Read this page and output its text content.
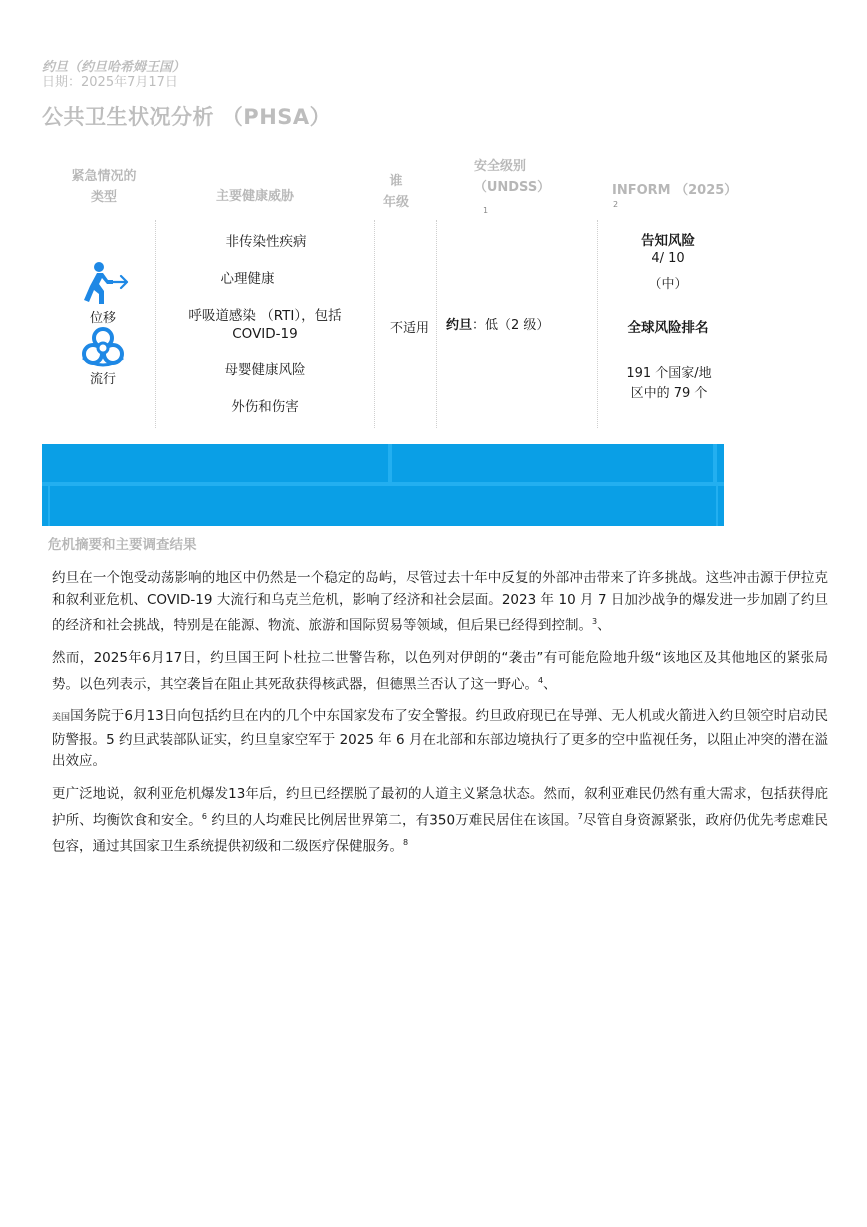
约旦（约旦哈希姆王国）
日期：2025年7月17日
公共卫生状况分析 （PHSA）
紧急情况的
类型	主要健康威胁
谁
年级
安全级别
（UNDSS）
1
INFORM （2025）
2
位移
流行
非传染性疾病
心理健康
呼吸道感染 （RTI），包括 COVID-19
母婴健康风险
外伤和伤害
不适用	约旦：低（2 级）
告知风险
4/ 10
（中）
全球风险排名
191 个国家/地区中的 79 个
危机摘要和主要调查结果
约旦在一个饱受动荡影响的地区中仍然是一个稳定的岛屿，尽管过去十年中反复的外部冲击带来了许多挑战。这些冲击源于伊拉克和叙利亚危机、COVID-19 大流行和乌克兰危机，影响了经济和社会层面。2023 年 10 月 7 日加沙战争的爆发进一步加剧了约旦的经济和社会挑战，特别是在能源、物流、旅游和国际贸易等领域，但后果已经得到控制。$^3$、
然而，2025年6月17日，约旦国王阿卜杜拉二世警告称，以色列对伊朗的“袭击”有可能危险地升级“该地区及其他地区的紧张局势。以色列表示，其空袭旨在阻止其死敌获得核武器，但德黑兰否认了这一野心。$^4$、
美国国务院于6月13日向包括约旦在内的几个中东国家发布了安全警报。约旦政府现已在导弹、无人机或火箭进入约旦领空时启动民防警报。5 约旦武装部队证实，约旦皇家空军于 2025 年 6 月在北部和东部边境执行了更多的空中监视任务，以阻止冲突的潜在溢出效应。
更广泛地说，叙利亚危机爆发13年后，约旦已经摆脱了最初的人道主义紧急状态。然而，叙利亚难民仍然有重大需求，包括获得庇护所、均衡饮食和安全。$^6$ 约旦的人均难民比例居世界第二，有350万难民居住在该国。$^7$尽管自身资源紧张，政府仍优先考虑难民包容，通过其国家卫生系统提供初级和二级医疗保健服务。$^8$
